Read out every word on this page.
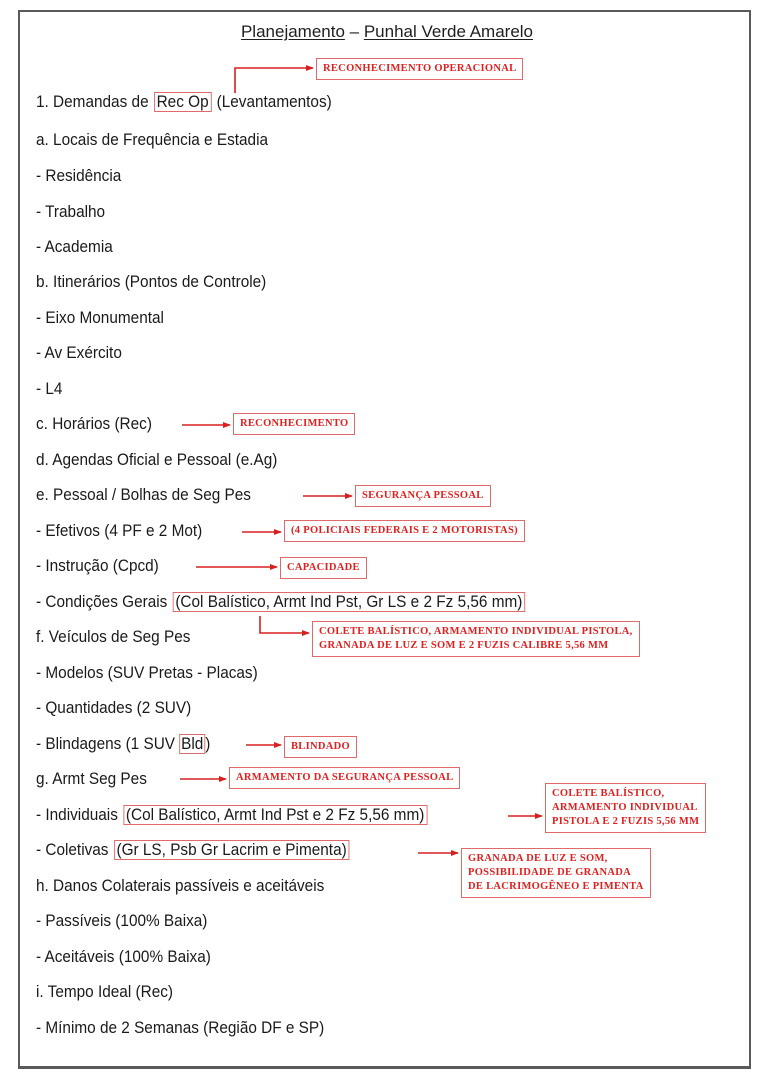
Planejamento – Punhal Verde Amarelo
1. Demandas de Rec Op (Levantamentos)
a. Locais de Frequência e Estadia
- Residência
- Trabalho
- Academia
b. Itinerários (Pontos de Controle)
- Eixo Monumental
- Av Exército
- L4
c. Horários (Rec)
d. Agendas Oficial e Pessoal (e.Ag)
e. Pessoal / Bolhas de Seg Pes
- Efetivos (4 PF e 2 Mot)
- Instrução (Cpcd)
- Condições Gerais (Col Balístico, Armt Ind Pst, Gr LS e 2 Fz 5,56 mm)
f. Veículos de Seg Pes
- Modelos (SUV Pretas - Placas)
- Quantidades (2 SUV)
- Blindagens (1 SUV Bld )
g. Armt Seg Pes
- Individuais (Col Balístico, Armt Ind Pst e 2 Fz 5,56 mm)
- Coletivas (Gr LS, Psb Gr Lacrim e Pimenta)
h. Danos Colaterais passíveis e aceitáveis
- Passíveis (100% Baixa)
- Aceitáveis (100% Baixa)
i. Tempo Ideal (Rec)
- Mínimo de 2 Semanas (Região DF e SP)
RECONHECIMENTO OPERACIONAL
RECONHECIMENTO
SEGURANÇA PESSOAL
(4 POLICIAIS FEDERAIS E 2 MOTORISTAS)
CAPACIDADE
COLETE BALÍSTICO, ARMAMENTO INDIVIDUAL PISTOLA,
GRANADA DE LUZ E SOM E 2 FUZIS CALIBRE 5,56 MM
BLINDADO
ARMAMENTO DA SEGURANÇA PESSOAL
COLETE BALÍSTICO,
ARMAMENTO INDIVIDUAL
PISTOLA E 2 FUZIS 5,56 MM
GRANADA DE LUZ E SOM,
POSSIBILIDADE DE GRANADA
DE LACRIMOGÊNEO E PIMENTA
